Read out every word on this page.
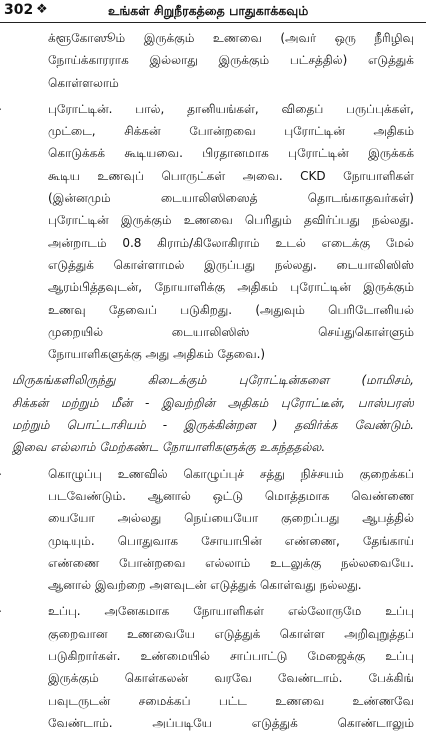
302 ❖	உங்கள் சிறுநீரகத்தை பாதுகாக்கவும்
க்ளூகோஸூம் இருக்கும் உணவை (அவர் ஒரு நீரிழிவு
நோய்க்காரராக இல்லாது இருக்கும் பட்சத்தில்) எடுத்துக்
கொள்ளலாம்
புரோட்டின். பால், தானியங்கள், விதைப் பருப்புக்கள்,
முட்டை, சிக்கன் போன்றவை புரோட்டின் அதிகம்
கொடுக்கக் கூடியவை. பிரதானமாக புரோட்டின் இருக்கக்
கூடிய உணவுப் பொருட்கள் அவை. CKD நோயாளிகள்
(இன்னமும் டையாலிஸிஸைத் தொடங்காதவர்கள்)
புரோட்டின் இருக்கும் உணவை பெரிதும் தவிர்ப்பது நல்லது.
அன்றாடம் 0.8 கிராம்/கிலோகிராம் உடல் எடைக்கு மேல்
எடுத்துக் கொள்ளாமல் இருப்பது நல்லது. டையாலிஸிஸ்
ஆரம்பித்தவுடன், நோயாளிக்கு அதிகம் புரோட்டின் இருக்கும்
உணவு தேவைப் படுகிறது. (அதுவும் பெரிடோனியல்
முறையில் டையாலிஸிஸ் செய்துகொள்ளும்
நோயாளிகளுக்கு அது அதிகம் தேவை.)
மிருகங்களிலிருந்து கிடைக்கும் புரோட்டின்களை (மாமிசம்,
சிக்கன் மற்றும் மீன் - இவற்றின் அதிகம் புரோட்டீன், பாஸ்பரஸ்
மற்றும் பொட்டாசியம் - இருக்கின்றன ) தவிர்க்க வேண்டும்.
இவை எல்லாம் மேற்கண்ட நோயாளிகளுக்கு உகந்ததல்ல.
கொழுப்பு உணவில் கொழுப்புச் சத்து நிச்சயம் குறைக்கப்
படவேண்டும். ஆனால் ஒட்டு மொத்தமாக வெண்ணை
யையோ அல்லது நெய்யையோ குறைப்பது ஆபத்தில்
முடியும். பொதுவாக சோயாபின் எண்ணை, தேங்காய்
எண்ணை போன்றவை எல்லாம் உடலுக்கு நல்லவையே.
ஆனால் இவற்றை அளவுடன் எடுத்துக் கொள்வது நல்லது.
உப்பு. அனேகமாக நோயாளிகள் எல்லோருமே உப்பு
குறைவான உணவையே எடுத்துக் கொள்ள அறிவுறுத்தப்
படுகிறார்கள். உண்மையில் சாப்பாட்டு மேஜைக்கு உப்பு
இருக்கும் கொள்கலன் வரவே வேண்டாம். பேக்கிங்
பவுடருடன் சமைக்கப் பட்ட உணவை உண்ணவே
வேண்டாம். அப்படியே எடுத்துக் கொண்டாலும்
